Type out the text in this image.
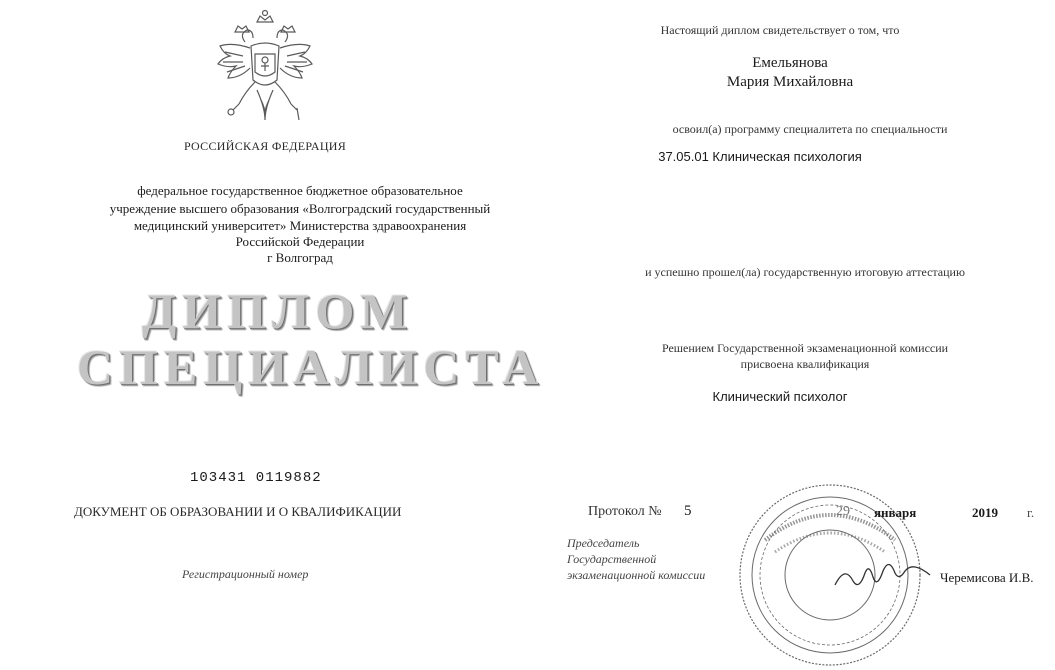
РОССИЙСКАЯ ФЕДЕРАЦИЯ
федеральное государственное бюджетное образовательное
учреждение высшего образования «Волгоградский государственный
медицинский университет» Министерства здравоохранения
Российской Федерации
г Волгоград
ДИПЛОМ
СПЕЦИАЛИСТА
103431 0119882
ДОКУМЕНТ ОБ ОБРАЗОВАНИИ И О КВАЛИФИКАЦИИ
Регистрационный номер
Настоящий диплом свидетельствует о том, что
Емельянова
Мария Михайловна
освоил(а) программу специалитета по специальности
37.05.01 Клиническая психология
и успешно прошел(ла) государственную итоговую аттестацию
Решением Государственной экзаменационной комиссии
присвоена квалификация
Клинический психолог
Протокол № 5	29 января	2019 г.
Председатель
Государственной
экзаменационной комиссии	Черемисова И.В.
